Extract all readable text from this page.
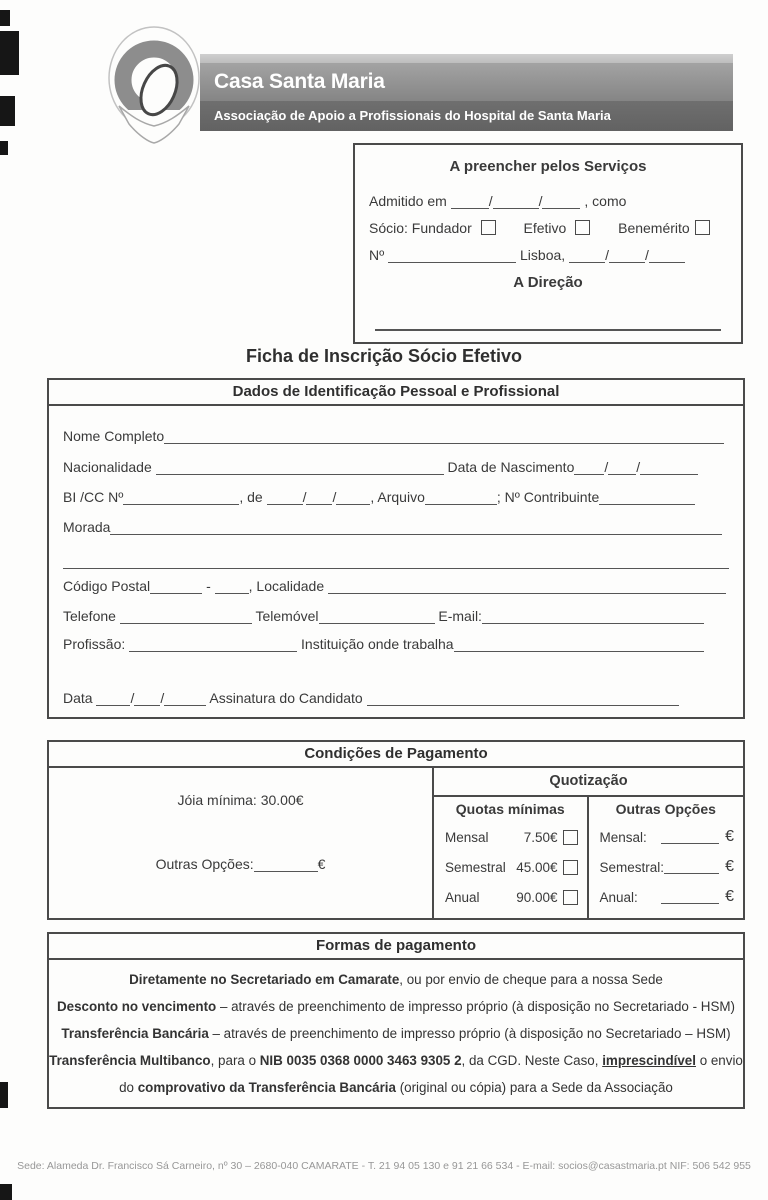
Casa Santa Maria
Associação de Apoio a Profissionais do Hospital de Santa Maria
A preencher pelos Serviços
Admitido em	/	/	, como
Sócio: Fundador	Efetivo	Benemérito
Nº	Lisboa,	/	/
A Direção
Ficha de Inscrição Sócio Efetivo
Dados de Identificação Pessoal e Profissional
Nome Completo
Nacionalidade	Data de Nascimento / /
BI /CC Nº	, de	/ / , Arquivo	; Nº Contribuinte
Morada
Código Postal	-	, Localidade
Telefone	Telemóvel	E-mail:
Profissão:	Instituição onde trabalha
Data	/ /	Assinatura do Candidato
Condições de Pagamento
Jóia mínima: 30.00€
Outras Opções:	€
Quotização
Quotas mínimas
Mensal	7.50€
Semestral 45.00€
Anual	90.00€
Outras Opções
Mensal:	€
Semestral:	€
Anual:	€
Formas de pagamento
Diretamente no Secretariado em Camarate, ou por envio de cheque para a nossa Sede
Desconto no vencimento – através de preenchimento de impresso próprio (à disposição no Secretariado - HSM)
Transferência Bancária – através de preenchimento de impresso próprio (à disposição no Secretariado – HSM)
Transferência Multibanco, para o NIB 0035 0368 0000 3463 9305 2, da CGD. Neste Caso, imprescindível o envio
do comprovativo da Transferência Bancária (original ou cópia) para a Sede da Associação
Sede: Alameda Dr. Francisco Sá Carneiro, nº 30 – 2680-040 CAMARATE - T. 21 94 05 130 e 91 21 66 534 - E-mail: socios@casastmaria.pt NIF: 506 542 955
